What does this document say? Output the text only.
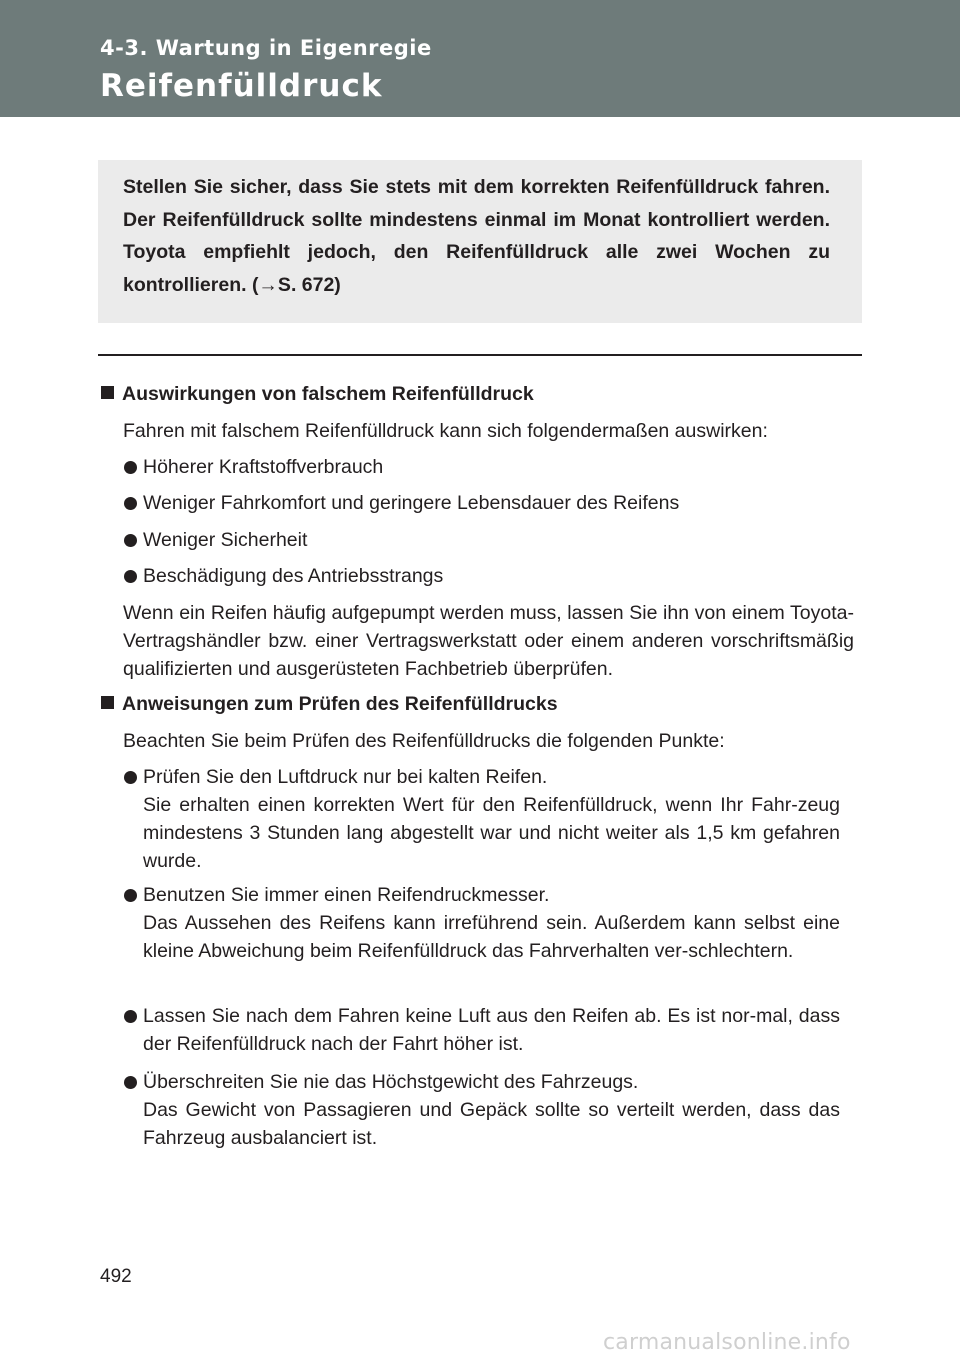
4-3. Wartung in Eigenregie
Reifenfülldruck
Stellen Sie sicher, dass Sie stets mit dem korrekten Reifenfülldruck fahren. Der Reifenfülldruck sollte mindestens einmal im Monat kontrolliert werden. Toyota empfiehlt jedoch, den Reifenfülldruck alle zwei Wochen zu kontrollieren. (→S. 672)
Auswirkungen von falschem Reifenfülldruck
Fahren mit falschem Reifenfülldruck kann sich folgendermaßen auswirken:
Höherer Kraftstoffverbrauch
Weniger Fahrkomfort und geringere Lebensdauer des Reifens
Weniger Sicherheit
Beschädigung des Antriebsstrangs
Wenn ein Reifen häufig aufgepumpt werden muss, lassen Sie ihn von einem Toyota-Vertragshändler bzw. einer Vertragswerkstatt oder einem anderen vorschriftsmäßig qualifizierten und ausgerüsteten Fachbetrieb überprüfen.
Anweisungen zum Prüfen des Reifenfülldrucks
Beachten Sie beim Prüfen des Reifenfülldrucks die folgenden Punkte:
Prüfen Sie den Luftdruck nur bei kalten Reifen.
Sie erhalten einen korrekten Wert für den Reifenfülldruck, wenn Ihr Fahr-zeug mindestens 3 Stunden lang abgestellt war und nicht weiter als 1,5 km gefahren wurde.
Benutzen Sie immer einen Reifendruckmesser.
Das Aussehen des Reifens kann irreführend sein. Außerdem kann selbst eine kleine Abweichung beim Reifenfülldruck das Fahrverhalten ver-schlechtern.
Lassen Sie nach dem Fahren keine Luft aus den Reifen ab. Es ist nor-mal, dass der Reifenfülldruck nach der Fahrt höher ist.
Überschreiten Sie nie das Höchstgewicht des Fahrzeugs.
Das Gewicht von Passagieren und Gepäck sollte so verteilt werden, dass das Fahrzeug ausbalanciert ist.
492
carmanualsonline.info
